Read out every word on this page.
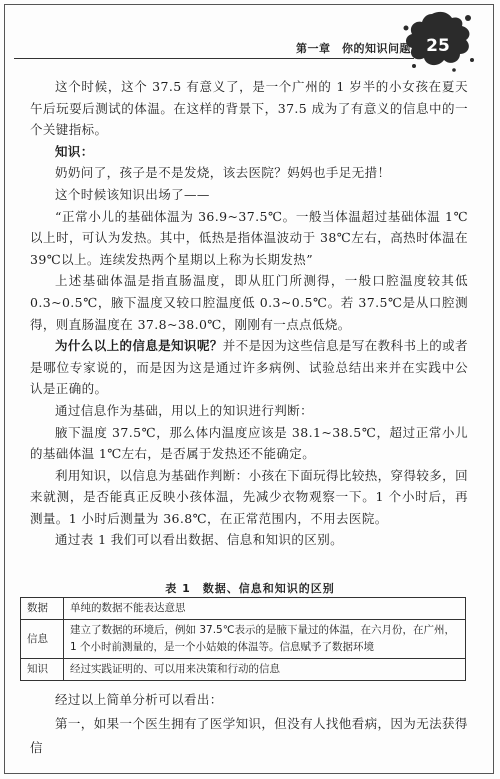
第一章　你的知识问题 25

这个时候，这个 37.5 有意义了，是一个广州的 1 岁半的小女孩在夏天午后玩耍后测试的体温。在这样的背景下，37.5 成为了有意义的信息中的一个关键指标。

知识：

奶奶问了，孩子是不是发烧，该去医院？妈妈也手足无措！

这个时候该知识出场了——

“正常小儿的基础体温为 36.9~37.5℃。一般当体温超过基础体温 1℃以上时，可认为发热。其中，低热是指体温波动于 38℃左右，高热时体温在 39℃以上。连续发热两个星期以上称为长期发热”

上述基础体温是指直肠温度，即从肛门所测得，一般口腔温度较其低 0.3~0.5℃，腋下温度又较口腔温度低 0.3~0.5℃。若 37.5℃是从口腔测得，则直肠温度在 37.8~38.0℃，刚刚有一点点低烧。

为什么以上的信息是知识呢？并不是因为这些信息是写在教科书上的或者是哪位专家说的，而是因为这是通过许多病例、试验总结出来并在实践中公认是正确的。

通过信息作为基础，用以上的知识进行判断：

腋下温度 37.5℃，那么体内温度应该是 38.1~38.5℃，超过正常小儿的基础体温 1℃左右，是否属于发热还不能确定。

利用知识，以信息为基础作判断：小孩在下面玩得比较热，穿得较多，回来就测，是否能真正反映小孩体温，先减少衣物观察一下。1 个小时后，再测量。1 小时后测量为 36.8℃，在正常范围内，不用去医院。

通过表 1 我们可以看出数据、信息和知识的区别。

表 1　数据、信息和知识的区别
数据	单纯的数据不能表达意思
信息	建立了数据的环境后，例如 37.5℃表示的是腋下量过的体温，在六月份，在广州，1 个小时前测量的，是一个小姑娘的体温等。信息赋予了数据环境
知识	经过实践证明的、可以用来决策和行动的信息

经过以上简单分析可以看出：

第一，如果一个医生拥有了医学知识，但没有人找他看病，因为无法获得信
